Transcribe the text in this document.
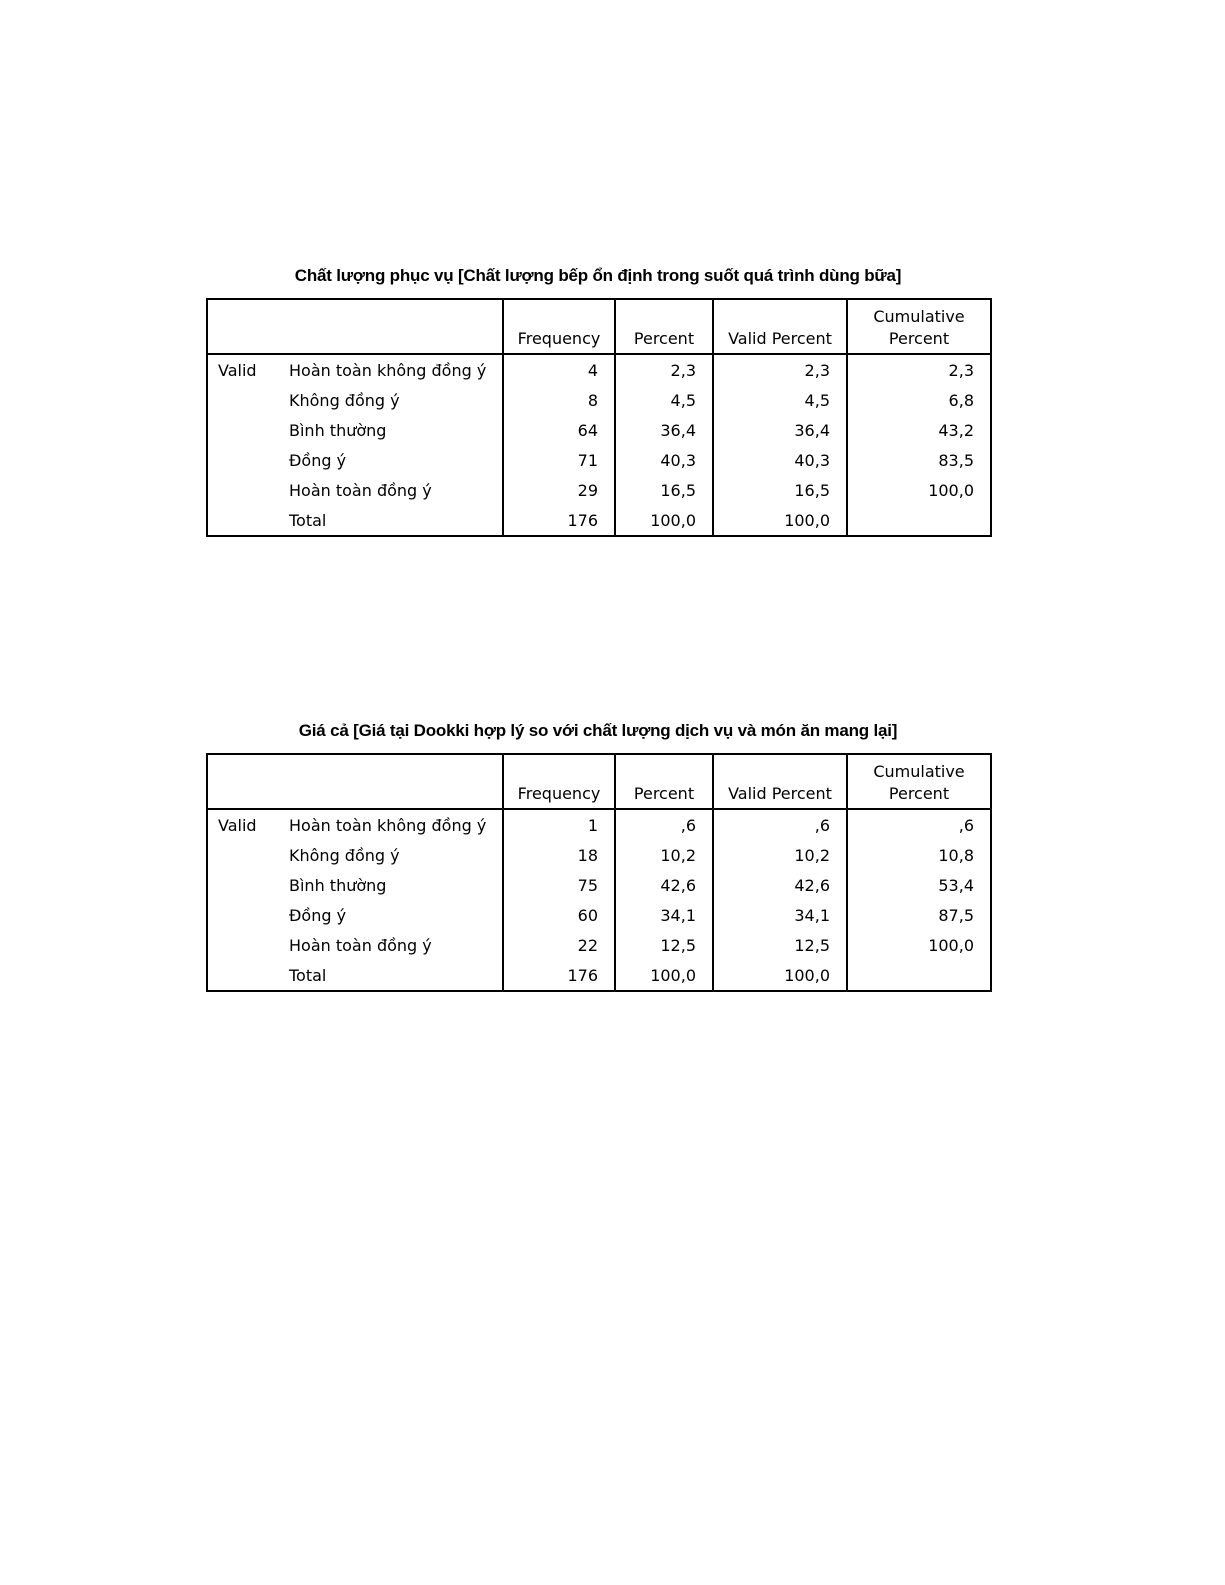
Chất lượng phục vụ [Chất lượng bếp ổn định trong suốt quá trình dùng bữa]
		Frequency	Percent	Valid Percent	Cumulative
Percent
Valid	Hoàn toàn không đồng ý	4	2,3	2,3	2,3
	Không đồng ý	8	4,5	4,5	6,8
	Bình thường	64	36,4	36,4	43,2
	Đồng ý	71	40,3	40,3	83,5
	Hoàn toàn đồng ý	29	16,5	16,5	100,0
	Total	176	100,0	100,0	
Giá cả [Giá tại Dookki hợp lý so với chất lượng dịch vụ và món ăn mang lại]
		Frequency	Percent	Valid Percent	Cumulative
Percent
Valid	Hoàn toàn không đồng ý	1	,6	,6	,6
	Không đồng ý	18	10,2	10,2	10,8
	Bình thường	75	42,6	42,6	53,4
	Đồng ý	60	34,1	34,1	87,5
	Hoàn toàn đồng ý	22	12,5	12,5	100,0
	Total	176	100,0	100,0	
